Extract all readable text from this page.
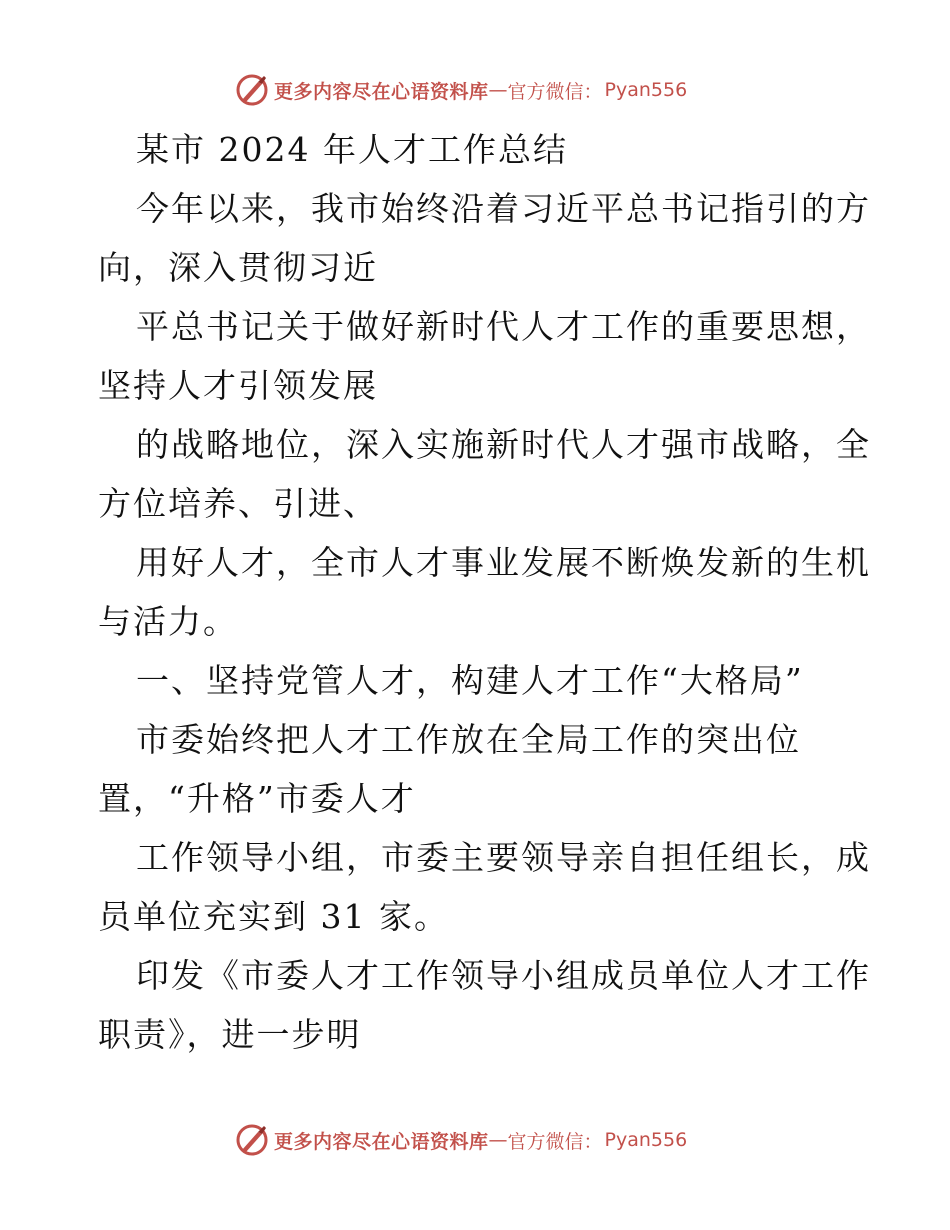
更多内容尽在心语资料库 — 官方微信： Pyan556
某市 2024 年人才工作总结
今年以来，我市始终沿着习近平总书记指引的方
向，深入贯彻习近
平总书记关于做好新时代人才工作的重要思想，
坚持人才引领发展
的战略地位，深入实施新时代人才强市战略，全
方位培养、引进、
用好人才，全市人才事业发展不断焕发新的生机
与活力。
一、坚持党管人才，构建人才工作“大格局”
市委始终把人才工作放在全局工作的突出位
置，“升格”市委人才
工作领导小组，市委主要领导亲自担任组长，成
员单位充实到 31 家。
印发《市委人才工作领导小组成员单位人才工作
职责》，进一步明
更多内容尽在心语资料库 — 官方微信： Pyan556
